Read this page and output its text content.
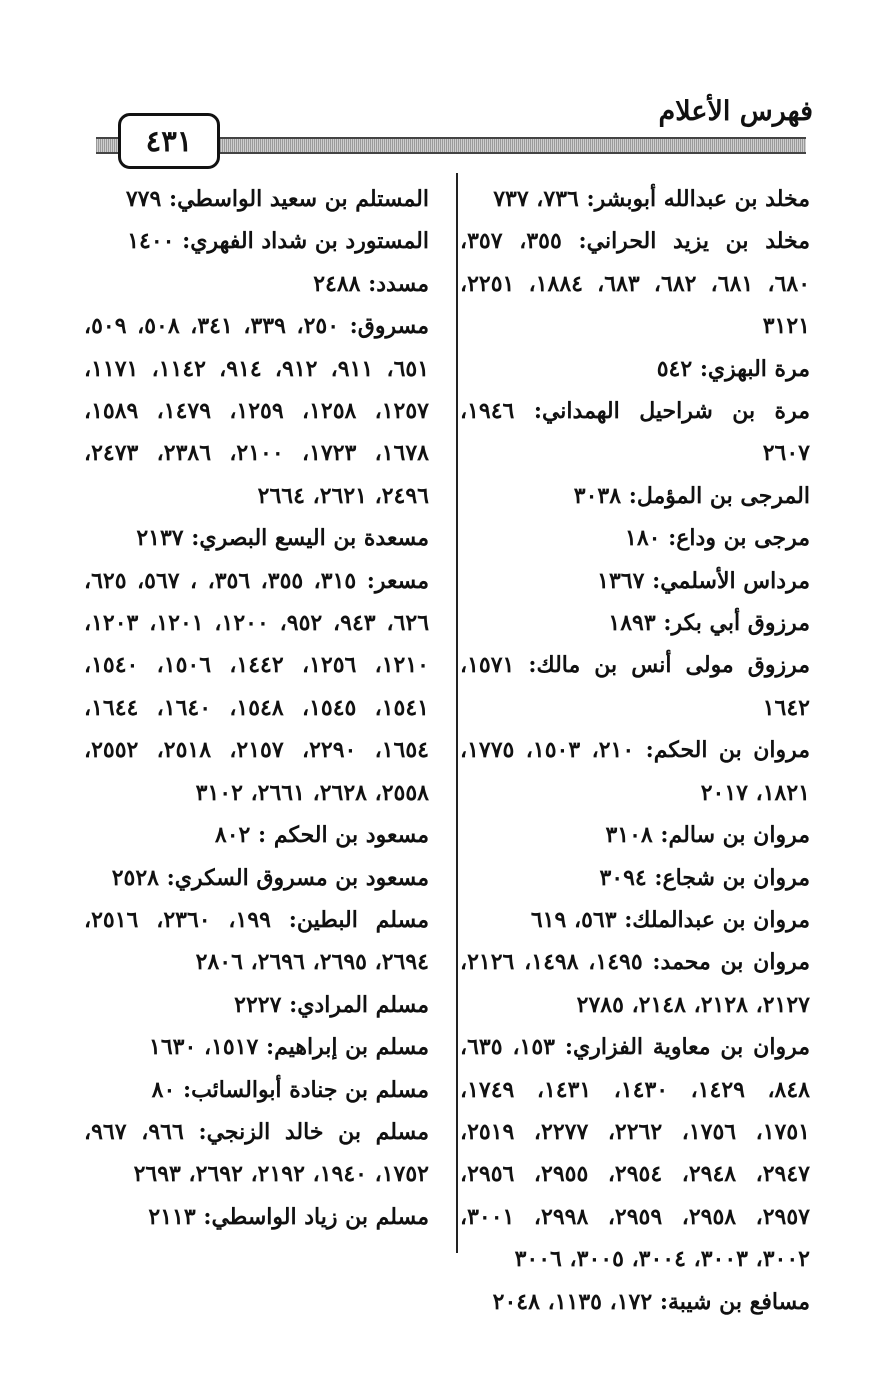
فهرس الأعلام
٤٣١
مخلد بن عبدالله أبوبشر: ٧٣٦، ٧٣٧
مخلد بن يزيد الحراني: ٣٥٥، ٣٥٧، ٦٨٠، ٦٨١، ٦٨٢، ٦٨٣، ١٨٨٤، ٢٢٥١، ٣١٢١
مرة البهزي: ٥٤٢
مرة بن شراحيل الهمداني: ١٩٤٦، ٢٦٠٧
المرجى بن المؤمل: ٣٠٣٨
مرجى بن وداع: ١٨٠
مرداس الأسلمي: ١٣٦٧
مرزوق أبي بكر: ١٨٩٣
مرزوق مولى أنس بن مالك: ١٥٧١، ١٦٤٢
مروان بن الحكم: ٢١٠، ١٥٠٣، ١٧٧٥، ١٨٢١، ٢٠١٧
مروان بن سالم: ٣١٠٨
مروان بن شجاع: ٣٠٩٤
مروان بن عبدالملك: ٥٦٣، ٦١٩
مروان بن محمد: ١٤٩٥، ١٤٩٨، ٢١٢٦، ٢١٢٧، ٢١٢٨، ٢١٤٨، ٢٧٨٥
مروان بن معاوية الفزاري: ١٥٣، ٦٣٥، ٨٤٨، ١٤٢٩، ١٤٣٠، ١٤٣١، ١٧٤٩، ١٧٥١، ١٧٥٦، ٢٢٦٢، ٢٢٧٧، ٢٥١٩، ٢٩٤٧، ٢٩٤٨، ٢٩٥٤، ٢٩٥٥، ٢٩٥٦، ٢٩٥٧، ٢٩٥٨، ٢٩٥٩، ٢٩٩٨، ٣٠٠١، ٣٠٠٢، ٣٠٠٣، ٣٠٠٤، ٣٠٠٥، ٣٠٠٦
مسافع بن شيبة: ١٧٢، ١١٣٥، ٢٠٤٨
المستلم بن سعيد الواسطي: ٧٧٩
المستورد بن شداد الفهري: ١٤٠٠
مسدد: ٢٤٨٨
مسروق: ٢٥٠، ٣٣٩، ٣٤١، ٥٠٨، ٥٠٩، ٦٥١، ٩١١، ٩١٢، ٩١٤، ١١٤٢، ١١٧١، ١٢٥٧، ١٢٥٨، ١٢٥٩، ١٤٧٩، ١٥٨٩، ١٦٧٨، ١٧٢٣، ٢١٠٠، ٢٣٨٦، ٢٤٧٣، ٢٤٩٦، ٢٦٢١، ٢٦٦٤
مسعدة بن اليسع البصري: ٢١٣٧
مسعر: ٣١٥، ٣٥٥، ٣٥٦، ، ٥٦٧، ٦٢٥، ٦٢٦، ٩٤٣، ٩٥٢، ١٢٠٠، ١٢٠١، ١٢٠٣، ١٢١٠، ١٢٥٦، ١٤٤٢، ١٥٠٦، ١٥٤٠، ١٥٤١، ١٥٤٥، ١٥٤٨، ١٦٤٠، ١٦٤٤، ١٦٥٤، ٢٢٩٠، ٢١٥٧، ٢٥١٨، ٢٥٥٢، ٢٥٥٨، ٢٦٢٨، ٢٦٦١، ٣١٠٢
مسعود بن الحكم : ٨٠٢
مسعود بن مسروق السكري: ٢٥٢٨
مسلم البطين: ١٩٩، ٢٣٦٠، ٢٥١٦، ٢٦٩٤، ٢٦٩٥، ٢٦٩٦، ٢٨٠٦
مسلم المرادي: ٢٢٢٧
مسلم بن إبراهيم: ١٥١٧، ١٦٣٠
مسلم بن جنادة أبوالسائب: ٨٠
مسلم بن خالد الزنجي: ٩٦٦، ٩٦٧، ١٧٥٢، ١٩٤٠، ٢١٩٢، ٢٦٩٢، ٢٦٩٣
مسلم بن زياد الواسطي: ٢١١٣
